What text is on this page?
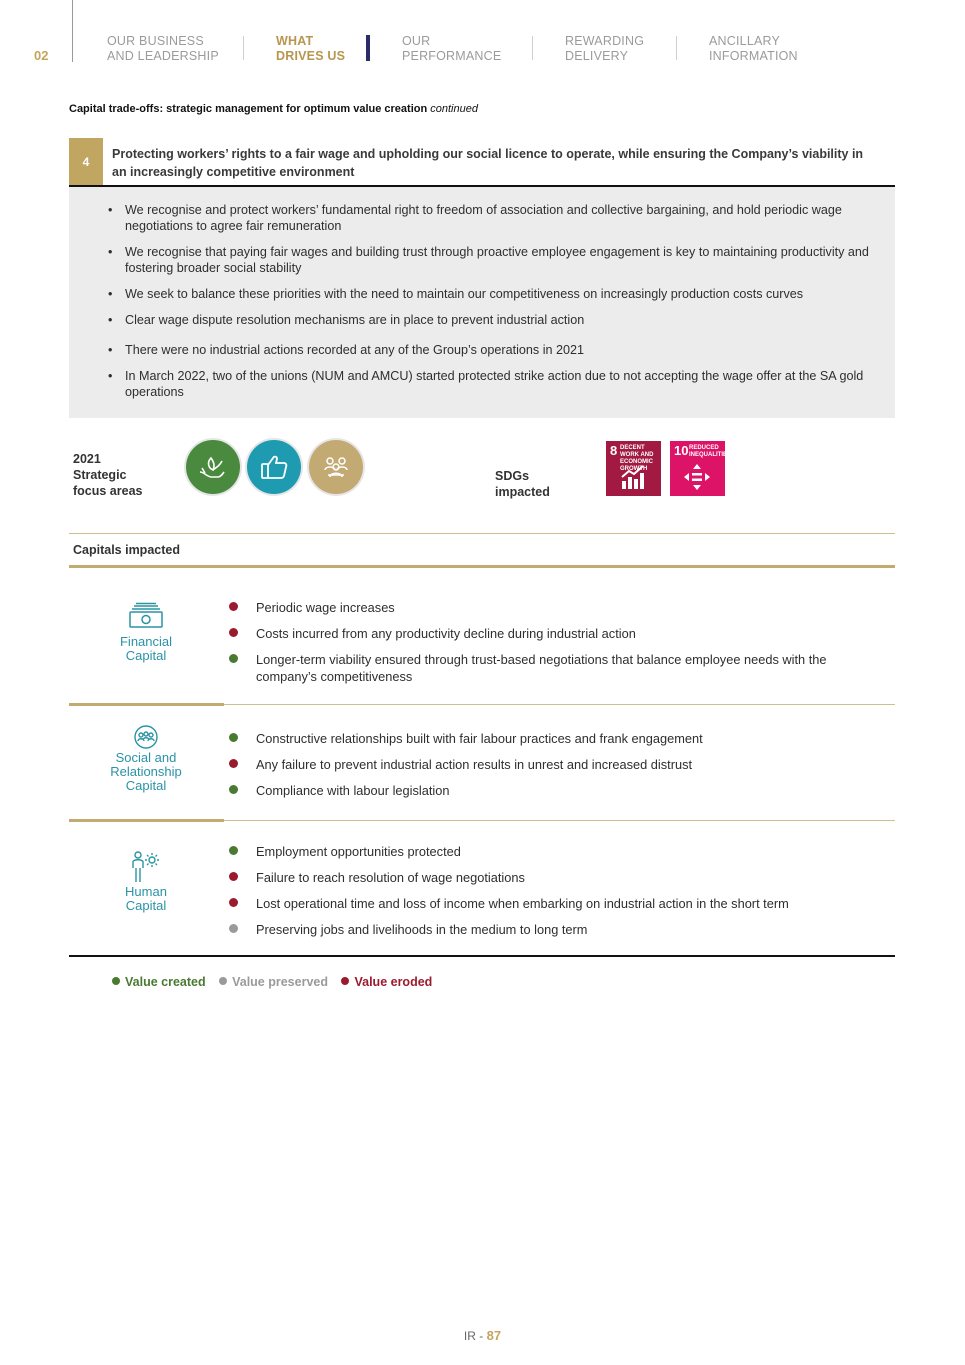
02
OUR BUSINESS
AND LEADERSHIP
WHAT
DRIVES US
OUR
PERFORMANCE
REWARDING
DELIVERY
ANCILLARY
INFORMATION
Capital trade-offs: strategic management for optimum value creation continued
4
Protecting workers’ rights to a fair wage and upholding our social licence to operate, while ensuring the Company’s viability in an increasingly competitive environment
• We recognise and protect workers’ fundamental right to freedom of association and collective bargaining, and hold periodic wage negotiations to agree fair remuneration
• We recognise that paying fair wages and building trust through proactive employee engagement is key to maintaining productivity and fostering broader social stability
• We seek to balance these priorities with the need to maintain our competitiveness on increasingly production costs curves
• Clear wage dispute resolution mechanisms are in place to prevent industrial action
• There were no industrial actions recorded at any of the Group’s operations in 2021
• In March 2022, two of the unions (NUM and AMCU) started protected strike action due to not accepting the wage offer at the SA gold operations
2021
Strategic
focus areas
SDGs
impacted
8 DECENT WORK AND ECONOMIC GROWTH
10 REDUCED INEQUALITIES
Capitals impacted
Financial
Capital
Periodic wage increases
Costs incurred from any productivity decline during industrial action
Longer-term viability ensured through trust-based negotiations that balance employee needs with the company’s competitiveness
Social and
Relationship
Capital
Constructive relationships built with fair labour practices and frank engagement
Any failure to prevent industrial action results in unrest and increased distrust
Compliance with labour legislation
Human
Capital
Employment opportunities protected
Failure to reach resolution of wage negotiations
Lost operational time and loss of income when embarking on industrial action in the short term
Preserving jobs and livelihoods in the medium to long term
Value created Value preserved Value eroded
IR - 87
